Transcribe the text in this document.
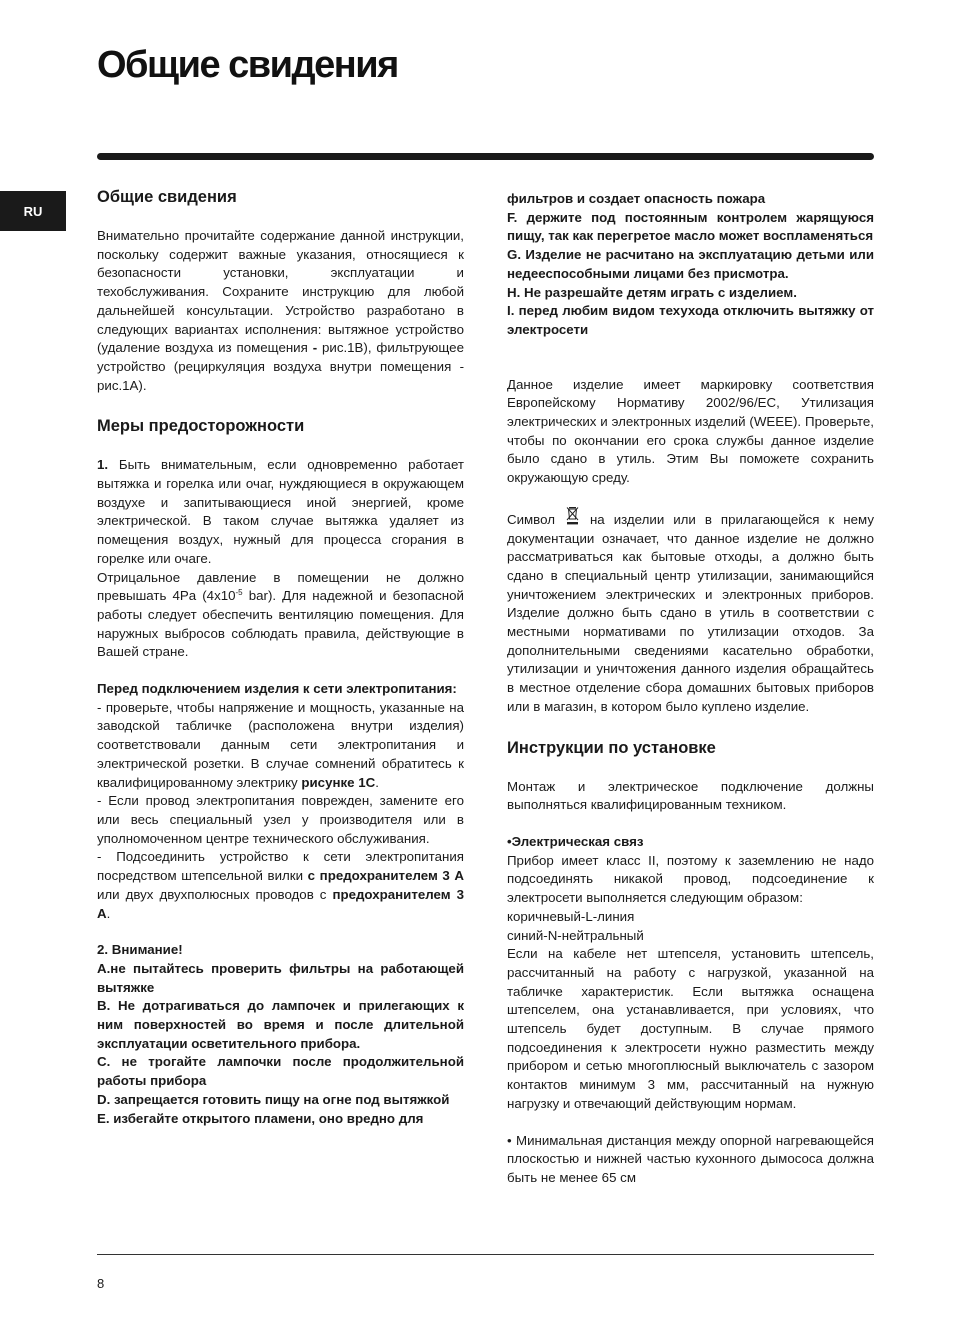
Общие свидения
RU
Общие свидения

Внимательно прочитайте содержание данной инструкции, поскольку содержит важные указания, относящиеся к безопасности установки, эксплуатации и техобслуживания. Сохраните инструкцию для любой дальнейшей консультации. Устройство разработано в следующих вариантах исполнения: вытяжное устройство (удаление воздуха из помещения - рис.1B), фильтрующее устройство (рециркуляция воздуха внутри помещения - рис.1A).

Меры предосторожности

1. Быть внимательным, если одновременно работает вытяжка и горелка или очаг, нуждяющиеся в окружающем воздухе и запитывающиеся иной энергией, кроме электрической. В таком случае вытяжка удаляет из помещения воздух, нужный для процесса сгорания в горелке или очаге.

Отрицальное давление в помещении не должно превышать 4Pa ($4x10^{-5}$ bar). Для надежной и безопасной работы следует обеспечить вентиляцию помещения. Для наружных выбросов соблюдать правила, действующие в Вашей стране.

Перед подключением изделия к сети электропитания:

- проверьте, чтобы напряжение и мощность, указанные на заводской табличке (расположена внутри изделия) соответствовали данным сети электропитания и электрической розетки. В случае сомнений обратитесь к квалифицированному электрику рисунке 1C.

- Если провод электропитания поврежден, замените его или весь специальный узел у производителя или в уполномоченном центре технического обслуживания.

- Подсоединить устройство к сети электропитания посредством штепсельной вилки с предохранителем 3 A или двух двухполюсных проводов с предохранителем 3 A.

2. Внимание!

A.не пытайтесь проверить фильтры на работающей вытяжке

B. Не дотрагиваться до лампочек и прилегающих к ним поверхностей во время и после длительной эксплуатации осветительного прибора.

C. не трогайте лампочки после продолжительной работы прибора

D. запрещается готовить пищу на огне под вытяжкой

E. избегайте открытого пламени, оно вредно для

фильтров и создает опасность пожара

F. держите под постоянным контролем жарящуюся пищу, так как перегретое масло может воспламеняться

G. Изделие не расчитано на эксплуатацию детьми или недееспособными лицами без присмотра.

H. Не разрешайте детям играть с изделием.

I. перед любим видом техухода отключить вытяжку от электросети

Данное изделие имеет маркировку соответствия Европейскому Нормативу 2002/96/EC, Утилизация электрических и электронных изделий (WEEE). Проверьте, чтобы по окончании его срока службы данное изделие было сдано в утиль. Этим Вы поможете сохранить окружающую среду.

Символ  на изделии или в прилагающейся к нему документации означает, что данное изделие не должно рассматриваться как бытовые отходы, а должно быть сдано в специальный центр утилизации, занимающийся уничтожением электрических и электронных приборов. Изделие должно быть сдано в утиль в соответствии с местными нормативами по утилизации отходов. За дополнительными сведениями касательно обработки, утилизации и уничтожения данного изделия обращайтесь в местное отделение сбора домашних бытовых приборов или в магазин, в котором было куплено изделие.

Инструкции по установке

Монтаж и электрическое подключение должны выполняться квалифицированным техником.

•Электрическая связ

Прибор имеет класс II, поэтому к заземлению не надо подсоединять никакой провод, подсоединение к электросети выполняется следующим образом:

коричневый-L-линия

синий-N-нейтральный

Если на кабеле нет штепселя, установить штепсель, рассчитанный на работу с нагрузкой, указанной на табличке характеристик. Если вытяжка оснащена штепселем, она устанавливается, при условиях, что штепсель будет доступным. В случае прямого подсоединения к электросети нужно разместить между прибором и сетью многоплюсный выключатель с зазором контактов минимум 3 мм, рассчитанный на нужную нагрузку и отвечающий действующим нормам.

• Минимальная дистанция между опорной нагревающейся плоскостью и нижней частью кухонного дымососа должна быть не менее 65 см

8
